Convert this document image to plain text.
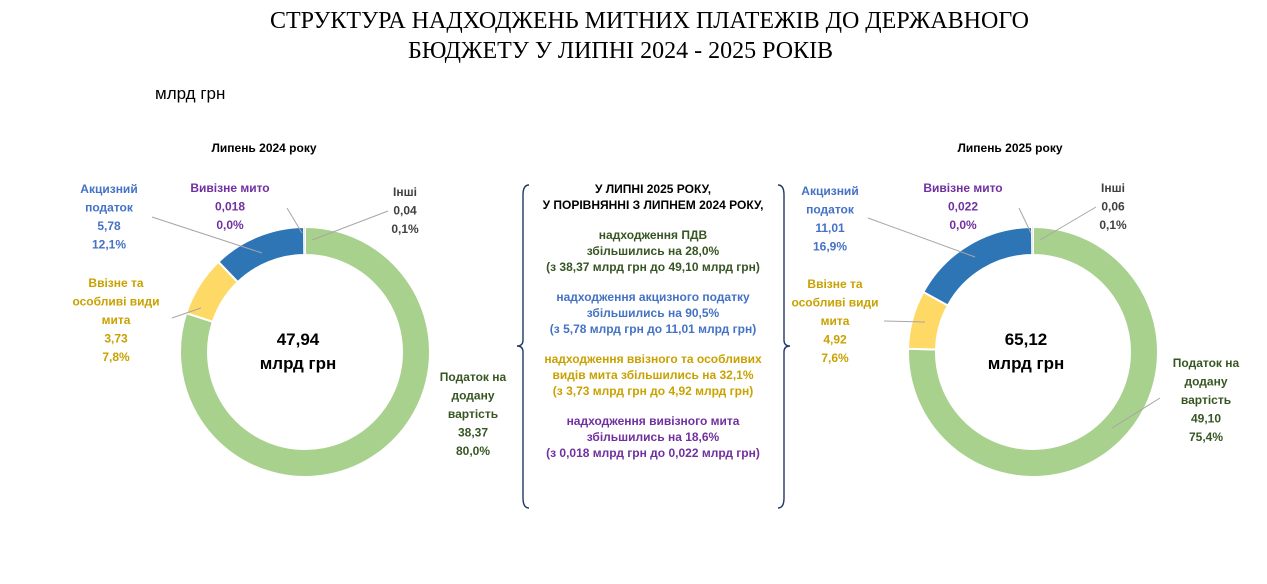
СТРУКТУРА НАДХОДЖЕНЬ МИТНИХ ПЛАТЕЖІВ ДО ДЕРЖАВНОГО
БЮДЖЕТУ У ЛИПНІ 2024 - 2025 РОКІВ
млрд грн
Липень 2024 року
47,94
млрд грн
Податок на додану вартість 38,37 80,0%
Ввізне та особливі види мита 3,73 7,8%
Акцизний податок 5,78 12,1%
Вивізне мито 0,018 0,0%
Інші 0,04 0,1%
Липень 2025 року
65,12
млрд грн	Податок на додану вартість 49,10 75,4%
Ввізне та особливі види мита 4,92 7,6%
Акцизний податок 11,01 16,9%
Вивізне мито 0,022 0,0%
Інші 0,06 0,1%
У ЛИПНІ 2025 РОКУ,
У ПОРІВНЯННІ З ЛИПНЕМ 2024 РОКУ,
надходження ПДВ
збільшились на 28,0%
(з 38,37 млрд грн до 49,10 млрд грн)
надходження акцизного податку
збільшились на 90,5%
(з 5,78 млрд грн до 11,01 млрд грн)
надходження ввізного та особливих
видів мита збільшились на 32,1%
(з 3,73 млрд грн до 4,92 млрд грн)
надходження вивізного мита
збільшились на 18,6%
(з 0,018 млрд грн до 0,022 млрд грн)
